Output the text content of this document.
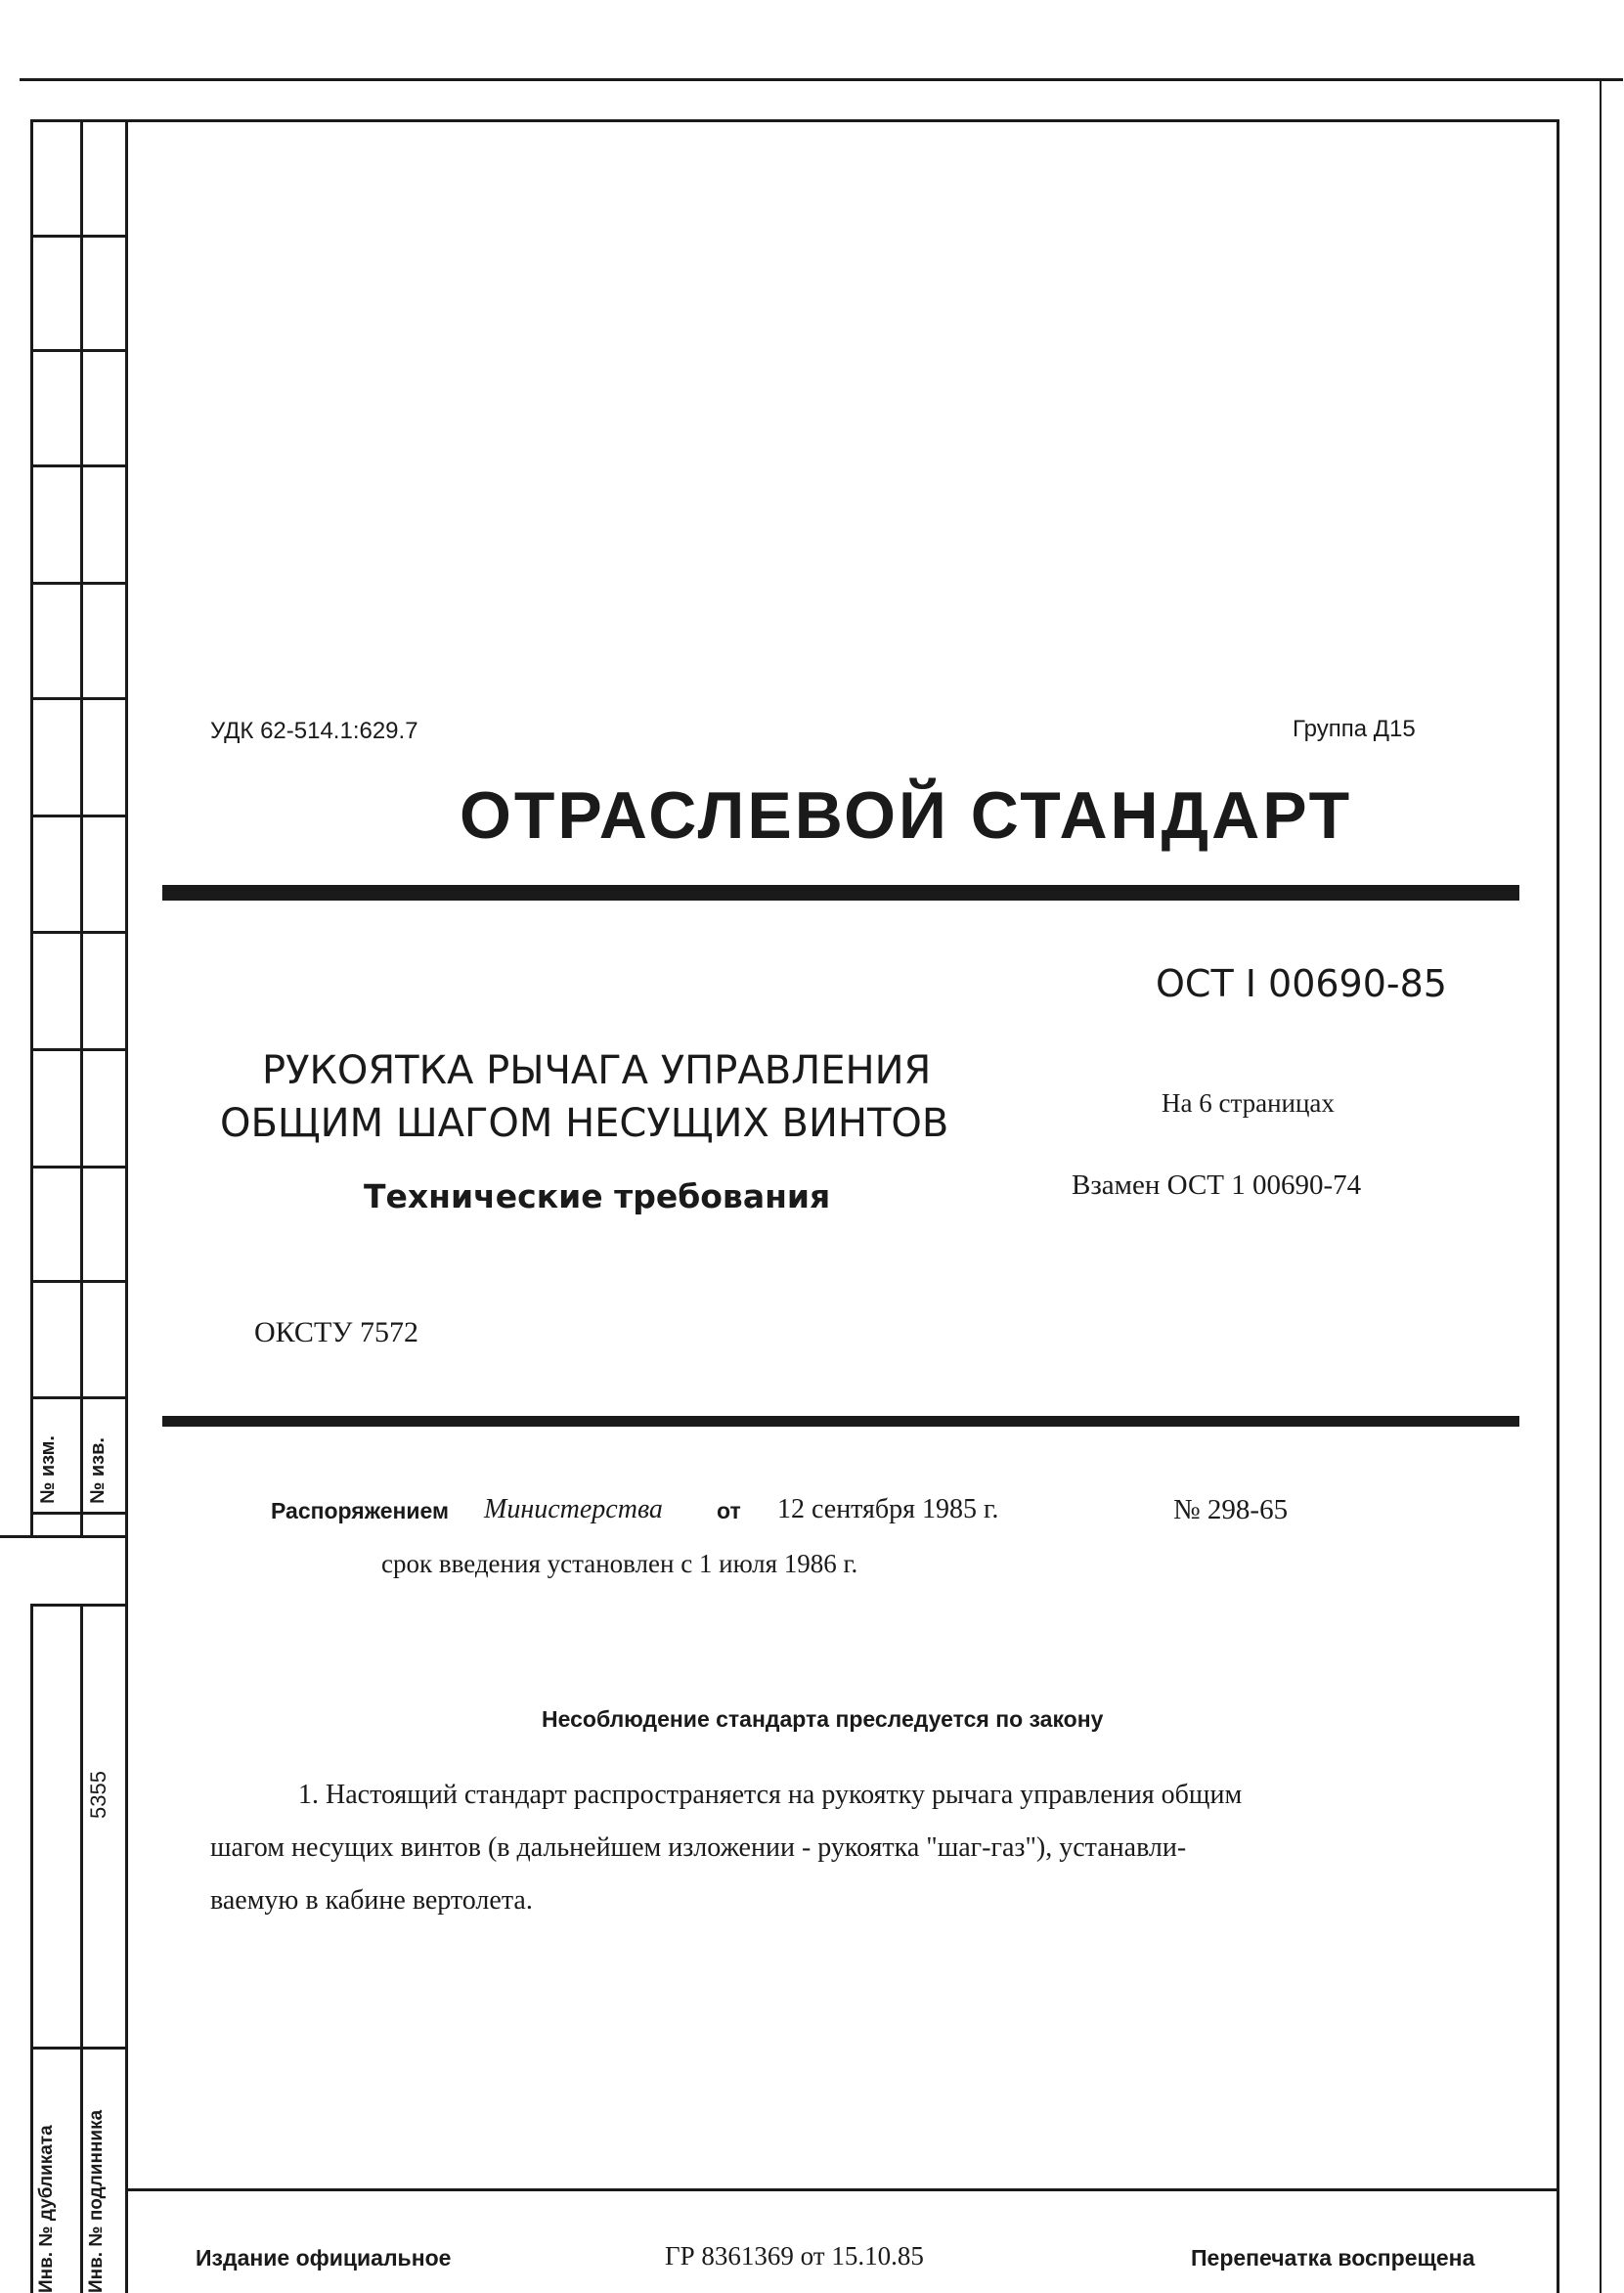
№ изм. № изв.
5355
Инв. № дубликата Инв. № подлинника
УДК 62-514.1:629.7	Группа Д15
ОТРАСЛЕВОЙ СТАНДАРТ
ОСТ I 00690-85
РУКОЯТКА РЫЧАГА УПРАВЛЕНИЯ
ОБЩИМ ШАГОМ НЕСУЩИХ ВИНТОВ
Технические требования
На 6 страницах
Взамен ОСТ 1 00690-74
ОКСТУ 7572
Распоряжением Министерства от 12 сентября 1985 г.	№ 298-65
срок введения установлен с 1 июля 1986 г.
Несоблюдение стандарта преследуется по закону
1. Настоящий стандарт распространяется на рукоятку рычага управления общим
шагом несущих винтов (в дальнейшем изложении - рукоятка "шаг-газ"), устанавли-
ваемую в кабине вертолета.
Издание официальное	ГР 8361369 от 15.10.85	Перепечатка воспрещена
